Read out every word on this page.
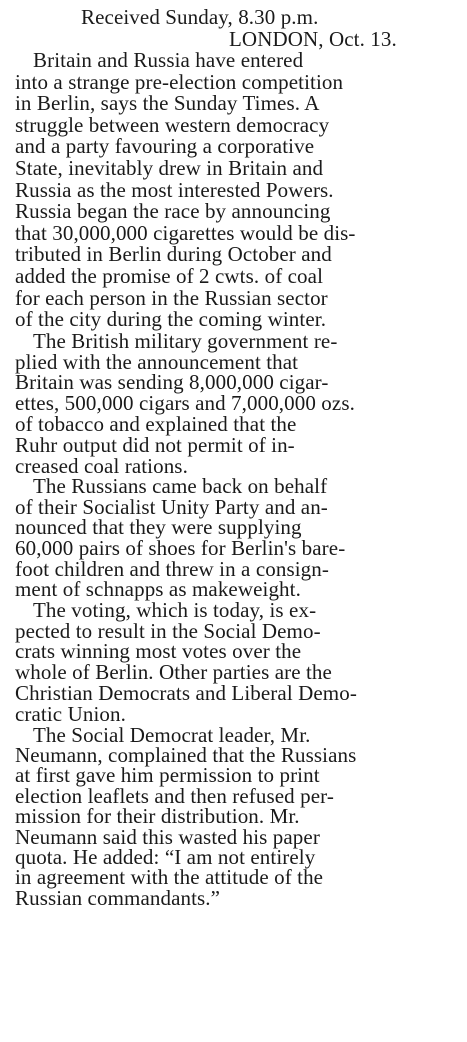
Received Sunday, 8.30 p.m.

LONDON, Oct. 13.

Britain and Russia have entered
into a strange pre-election competition
in Berlin, says the Sunday Times. A
struggle between western democracy
and a party favouring a corporative
State, inevitably drew in Britain and
Russia as the most interested Powers.
Russia began the race by announcing
that 30,000,000 cigarettes would be dis-
tributed in Berlin during October and
added the promise of 2 cwts. of coal
for each person in the Russian sector
of the city during the coming winter.
The British military government re-
plied with the announcement that
Britain was sending 8,000,000 cigar-
ettes, 500,000 cigars and 7,000,000 ozs.
of tobacco and explained that the
Ruhr output did not permit of in-
creased coal rations.
The Russians came back on behalf
of their Socialist Unity Party and an-
nounced that they were supplying
60,000 pairs of shoes for Berlin's bare-
foot children and threw in a consign-
ment of schnapps as makeweight.
The voting, which is today, is ex-
pected to result in the Social Demo-
crats winning most votes over the
whole of Berlin. Other parties are the
Christian Democrats and Liberal Demo-
cratic Union.
The Social Democrat leader, Mr.
Neumann, complained that the Russians
at first gave him permission to print
election leaflets and then refused per-
mission for their distribution. Mr.
Neumann said this wasted his paper
quota. He added: “I am not entirely
in agreement with the attitude of the
Russian commandants.”
